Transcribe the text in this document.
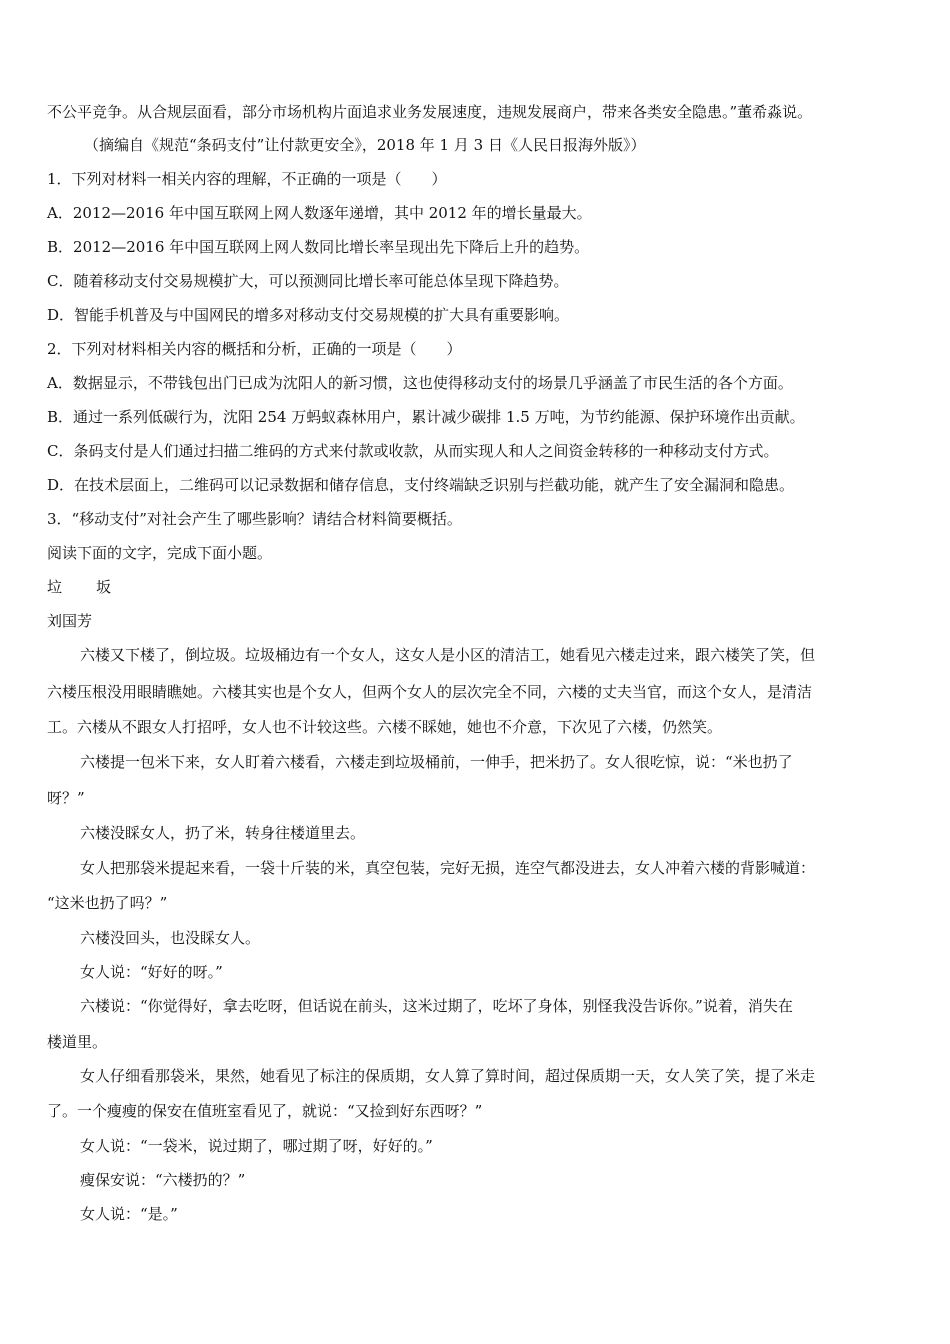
不公平竞争。从合规层面看，部分市场机构片面追求业务发展速度，违规发展商户，带来各类安全隐患。”董希淼说。
（摘编自《规范“条码支付”让付款更安全》，2018 年 1 月 3 日《人民日报海外版》）
1．下列对材料一相关内容的理解，不正确的一项是（　　）
A．2012—2016 年中国互联网上网人数逐年递增，其中 2012 年的增长量最大。
B．2012—2016 年中国互联网上网人数同比增长率呈现出先下降后上升的趋势。
C．随着移动支付交易规模扩大，可以预测同比增长率可能总体呈现下降趋势。
D．智能手机普及与中国网民的增多对移动支付交易规模的扩大具有重要影响。
2．下列对材料相关内容的概括和分析，正确的一项是（　　）
A．数据显示，不带钱包出门已成为沈阳人的新习惯，这也使得移动支付的场景几乎涵盖了市民生活的各个方面。
B．通过一系列低碳行为，沈阳 254 万蚂蚁森林用户，累计减少碳排 1.5 万吨，为节约能源、保护环境作出贡献。
C．条码支付是人们通过扫描二维码的方式来付款或收款，从而实现人和人之间资金转移的一种移动支付方式。
D．在技术层面上，二维码可以记录数据和储存信息，支付终端缺乏识别与拦截功能，就产生了安全漏洞和隐患。
3．“移动支付”对社会产生了哪些影响？请结合材料简要概括。
阅读下面的文字，完成下面小题。
垃坂
刘国芳
六楼又下楼了，倒垃圾。垃圾桶边有一个女人，这女人是小区的清洁工，她看见六楼走过来，跟六楼笑了笑，但
六楼压根没用眼睛瞧她。六楼其实也是个女人，但两个女人的层次完全不同，六楼的丈夫当官，而这个女人，是清洁
工。六楼从不跟女人打招呼，女人也不计较这些。六楼不睬她，她也不介意，下次见了六楼，仍然笑。
六楼提一包米下来，女人盯着六楼看，六楼走到垃圾桶前，一伸手，把米扔了。女人很吃惊，说：“米也扔了
呀？”
六楼没睬女人，扔了米，转身往楼道里去。
女人把那袋米提起来看，一袋十斤装的米，真空包装，完好无损，连空气都没进去，女人冲着六楼的背影喊道：
“这米也扔了吗？”
六楼没回头，也没睬女人。
女人说：“好好的呀。”
六楼说：“你觉得好，拿去吃呀，但话说在前头，这米过期了，吃坏了身体，别怪我没告诉你。”说着，消失在
楼道里。
女人仔细看那袋米，果然，她看见了标注的保质期，女人算了算时间，超过保质期一天，女人笑了笑，提了米走
了。一个瘦瘦的保安在值班室看见了，就说：“又捡到好东西呀？”
女人说：“一袋米，说过期了，哪过期了呀，好好的。”
瘦保安说：“六楼扔的？”
女人说：“是。”
